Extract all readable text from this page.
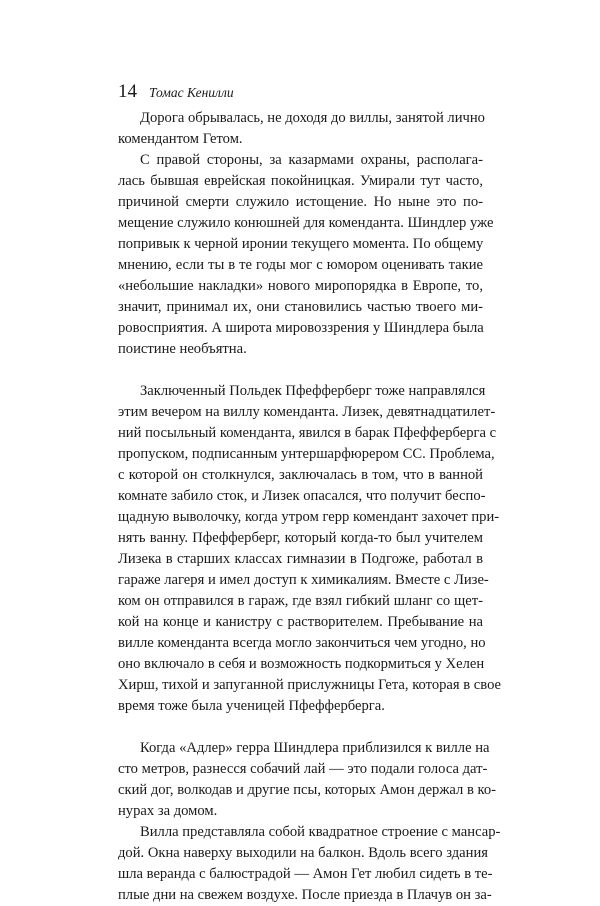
14 Томас Кенилли
Дорога обрывалась, не доходя до виллы, занятой лично
комендантом Гетом.
С правой стороны, за казармами охраны, располага-
лась бывшая еврейская покойницкая. Умирали тут часто,
причиной смерти служило истощение. Но ныне это по-
мещение служило конюшней для коменданта. Шиндлер уже
попривык к черной иронии текущего момента. По общему
мнению, если ты в те годы мог с юмором оценивать такие
«небольшие накладки» нового миропорядка в Европе, то,
значит, принимал их, они становились частью твоего ми-
ровосприятия. А широта мировоззрения у Шиндлера была
поистине необъятна.
Заключенный Польдек Пфефферберг тоже направлялся
этим вечером на виллу коменданта. Лизек, девятнадцатилет-
ний посыльный коменданта, явился в барак Пфефферберга с
пропуском, подписанным унтершарфюрером СС. Проблема,
с которой он столкнулся, заключалась в том, что в ванной
комнате забило сток, и Лизек опасался, что получит беспо-
щадную выволочку, когда утром герр комендант захочет при-
нять ванну. Пфефферберг, который когда-то был учителем
Лизека в старших классах гимназии в Подгоже, работал в
гараже лагеря и имел доступ к химикалиям. Вместе с Лизе-
ком он отправился в гараж, где взял гибкий шланг со щет-
кой на конце и канистру с растворителем. Пребывание на
вилле коменданта всегда могло закончиться чем угодно, но
оно включало в себя и возможность подкормиться у Хелен
Хирш, тихой и запуганной прислужницы Гета, которая в свое
время тоже была ученицей Пфефферберга.
Когда «Адлер» герра Шиндлера приблизился к вилле на
сто метров, разнесся собачий лай — это подали голоса дат-
ский дог, волкодав и другие псы, которых Амон держал в ко-
нурах за домом.
Вилла представляла собой квадратное строение с мансар-
дой. Окна наверху выходили на балкон. Вдоль всего здания
шла веранда с балюстрадой — Амон Гет любил сидеть в те-
плые дни на свежем воздухе. После приезда в Плачув он за-
